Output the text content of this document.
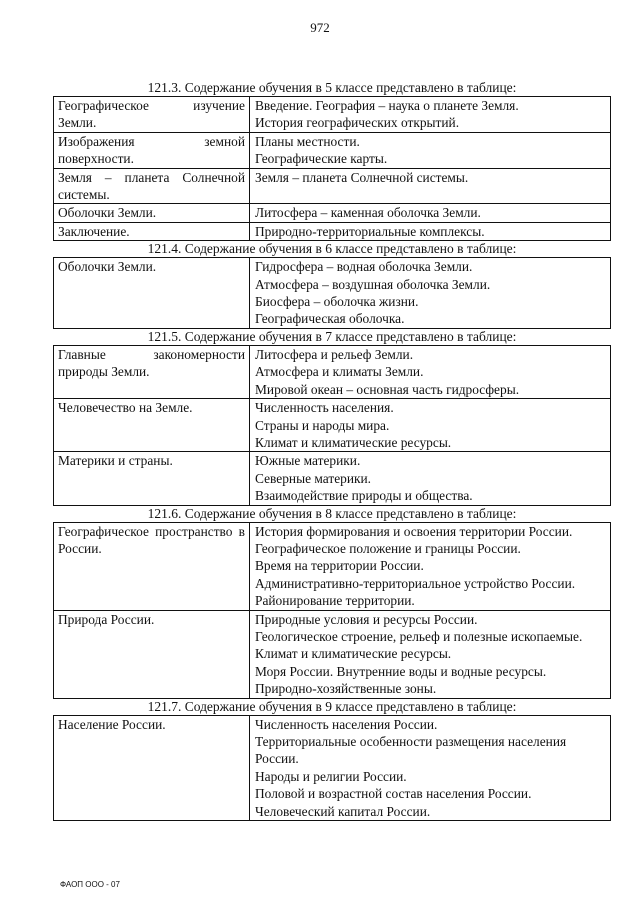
972
121.3. Содержание обучения в 5 классе представлено в таблице:
Географическое изучение Земли.	Введение. География – наука о планете Земля.
История географических открытий.

Изображения земной поверхности.	Планы местности.
Географические карты.

Земля – планета Солнечной системы.	Земля – планета Солнечной системы.

Оболочки Земли.	Литосфера – каменная оболочка Земли.

Заключение.	Природно-территориальные комплексы.
121.4. Содержание обучения в 6 классе представлено в таблице:
Оболочки Земли.	Гидросфера – водная оболочка Земли.
Атмосфера – воздушная оболочка Земли.
Биосфера – оболочка жизни.
Географическая оболочка.
121.5. Содержание обучения в 7 классе представлено в таблице:
Главные закономерности природы Земли.	Литосфера и рельеф Земли.
Атмосфера и климаты Земли.
Мировой океан – основная часть гидросферы.

Человечество на Земле.	Численность населения.
Страны и народы мира.
Климат и климатические ресурсы.

Материки и страны.	Южные материки.
Северные материки.
Взаимодействие природы и общества.
121.6. Содержание обучения в 8 классе представлено в таблице:
Географическое пространство в России.	История формирования и освоения территории России.
Географическое положение и границы России.
Время на территории России.
Административно-территориальное устройство России. Районирование территории.

Природа России.	Природные условия и ресурсы России.
Геологическое строение, рельеф и полезные ископаемые.
Климат и климатические ресурсы.
Моря России. Внутренние воды и водные ресурсы.
Природно-хозяйственные зоны.
121.7. Содержание обучения в 9 классе представлено в таблице:
Население России.	Численность населения России.
Территориальные особенности размещения населения России.
Народы и религии России.
Половой и возрастной состав населения России.
Человеческий капитал России.
ФАОП ООО - 07
